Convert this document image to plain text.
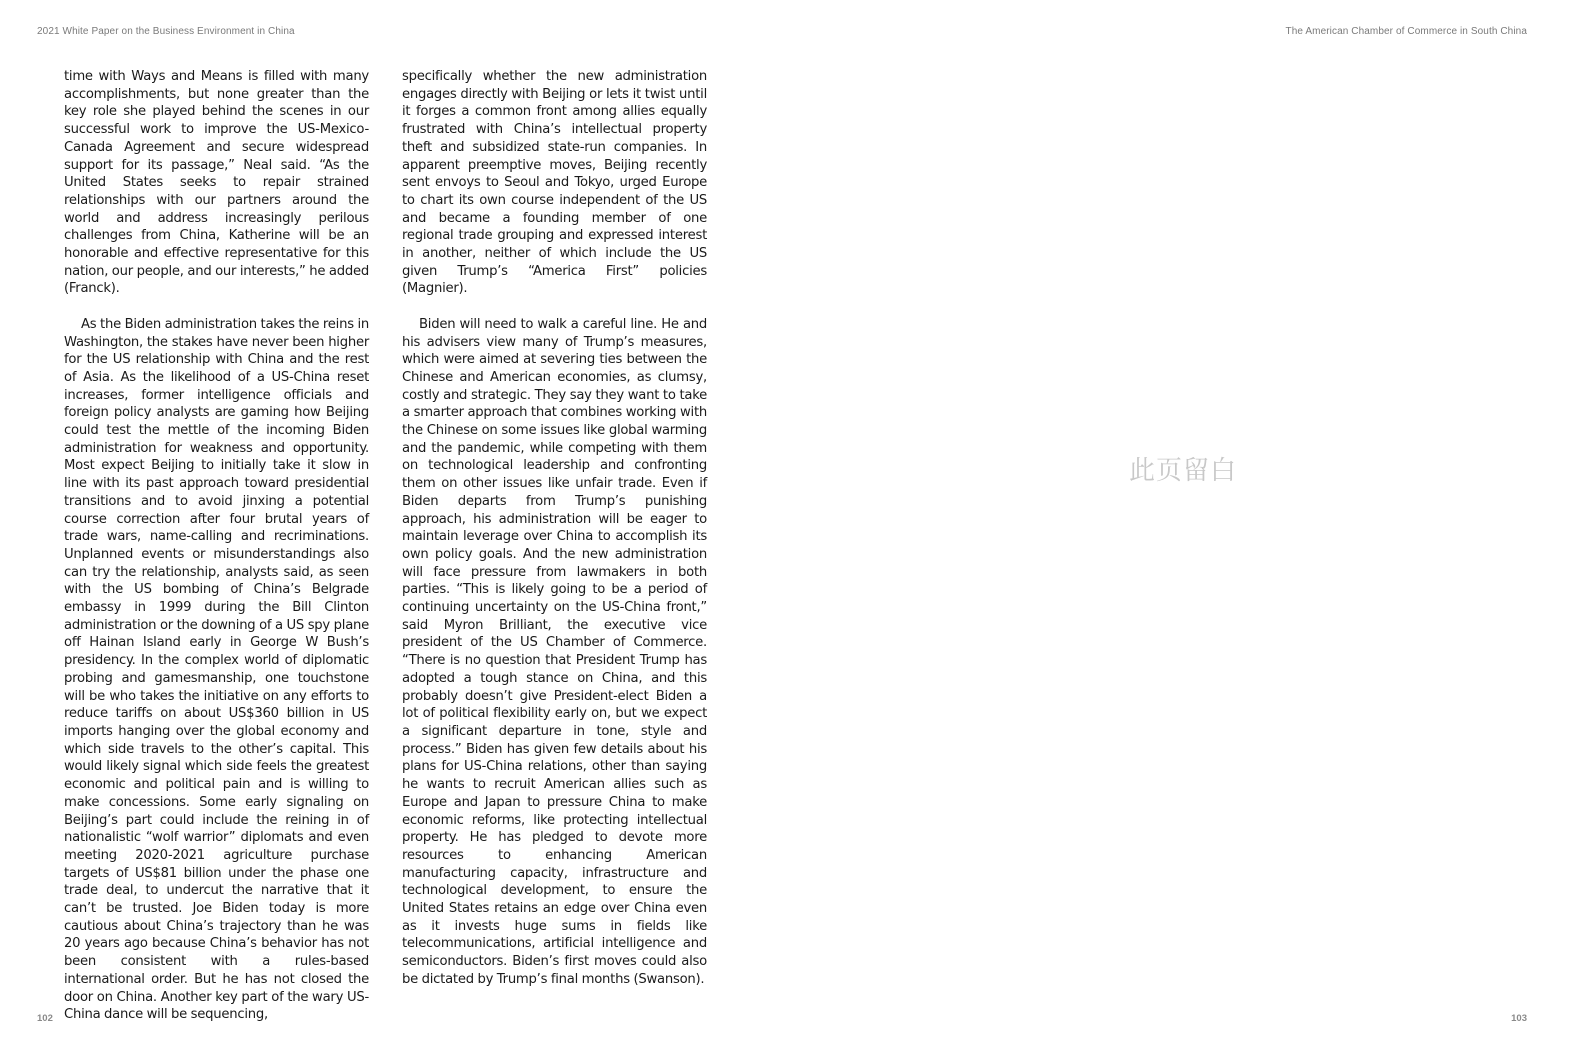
2021 White Paper on the Business Environment in China	The American Chamber of Commerce in South China

time with Ways and Means is filled with many accomplishments, but none greater than the key role she played behind the scenes in our successful work to improve the US-Mexico-Canada Agreement and secure widespread support for its passage,” Neal said. “As the United States seeks to repair strained relationships with our partners around the world and address increasingly perilous challenges from China, Katherine will be an honorable and effective representative for this nation, our people, and our interests,” he added (Franck).

As the Biden administration takes the reins in Washington, the stakes have never been higher for the US relationship with China and the rest of Asia. As the likelihood of a US-China reset increases, former intelligence officials and foreign policy analysts are gaming how Beijing could test the mettle of the incoming Biden administration for weakness and opportunity. Most expect Beijing to initially take it slow in line with its past approach toward presidential transitions and to avoid jinxing a potential course correction after four brutal years of trade wars, name-calling and recriminations. Unplanned events or misunderstandings also can try the relationship, analysts said, as seen with the US bombing of China’s Belgrade embassy in 1999 during the Bill Clinton administration or the downing of a US spy plane off Hainan Island early in George W Bush’s presidency. In the complex world of diplomatic probing and gamesmanship, one touchstone will be who takes the initiative on any efforts to reduce tariffs on about US$360 billion in US imports hanging over the global economy and which side travels to the other’s capital. This would likely signal which side feels the greatest economic and political pain and is willing to make concessions. Some early signaling on Beijing’s part could include the reining in of nationalistic “wolf warrior” diplomats and even meeting 2020-2021 agriculture purchase targets of US$81 billion under the phase one trade deal, to undercut the narrative that it can’t be trusted. Joe Biden today is more cautious about China’s trajectory than he was 20 years ago because China’s behavior has not been consistent with a rules-based international order. But he has not closed the door on China. Another key part of the wary US-China dance will be sequencing,

specifically whether the new administration engages directly with Beijing or lets it twist until it forges a common front among allies equally frustrated with China’s intellectual property theft and subsidized state-run companies. In apparent preemptive moves, Beijing recently sent envoys to Seoul and Tokyo, urged Europe to chart its own course independent of the US and became a founding member of one regional trade grouping and expressed interest in another, neither of which include the US given Trump’s “America First” policies (Magnier).

Biden will need to walk a careful line. He and his advisers view many of Trump’s measures, which were aimed at severing ties between the Chinese and American economies, as clumsy, costly and strategic. They say they want to take a smarter approach that combines working with the Chinese on some issues like global warming and the pandemic, while competing with them on technological leadership and confronting them on other issues like unfair trade. Even if Biden departs from Trump’s punishing approach, his administration will be eager to maintain leverage over China to accomplish its own policy goals. And the new administration will face pressure from lawmakers in both parties. “This is likely going to be a period of continuing uncertainty on the US-China front,” said Myron Brilliant, the executive vice president of the US Chamber of Commerce. “There is no question that President Trump has adopted a tough stance on China, and this probably doesn’t give President-elect Biden a lot of political flexibility early on, but we expect a significant departure in tone, style and process.” Biden has given few details about his plans for US-China relations, other than saying he wants to recruit American allies such as Europe and Japan to pressure China to make economic reforms, like protecting intellectual property. He has pledged to devote more resources to enhancing American manufacturing capacity, infrastructure and technological development, to ensure the United States retains an edge over China even as it invests huge sums in fields like telecommunications, artificial intelligence and semiconductors. Biden’s first moves could also be dictated by Trump’s final months (Swanson).

此页留白
102	103
